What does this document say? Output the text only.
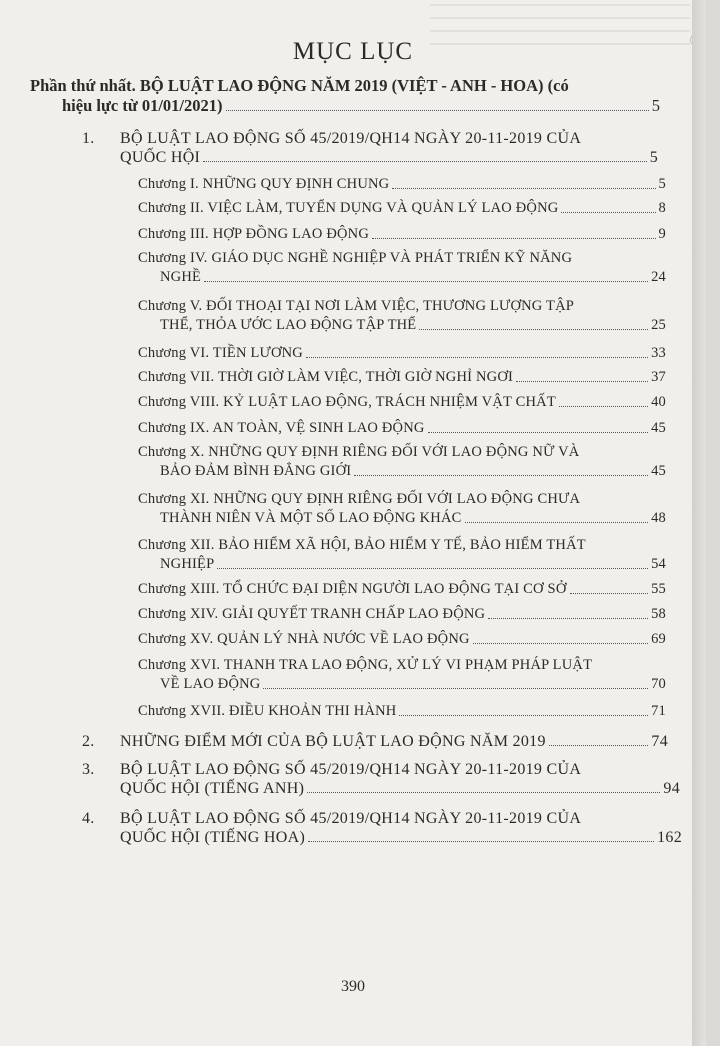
MỤC LỤC
Phần thứ nhất. BỘ LUẬT LAO ĐỘNG NĂM 2019 (VIỆT - ANH - HOA) (có
hiệu lực từ 01/01/2021)	5
1. BỘ LUẬT LAO ĐỘNG SỐ 45/2019/QH14 NGÀY 20-11-2019 CỦA
QUỐC HỘI	5
Chương I. NHỮNG QUY ĐỊNH CHUNG	5
Chương II. VIỆC LÀM, TUYỂN DỤNG VÀ QUẢN LÝ LAO ĐỘNG	8
Chương III. HỢP ĐỒNG LAO ĐỘNG	9
Chương IV. GIÁO DỤC NGHỀ NGHIỆP VÀ PHÁT TRIỂN KỸ NĂNG
NGHỀ	24
Chương V. ĐỐI THOẠI TẠI NƠI LÀM VIỆC, THƯƠNG LƯỢNG TẬP
THỂ, THỎA ƯỚC LAO ĐỘNG TẬP THỂ	25
Chương VI. TIỀN LƯƠNG	33
Chương VII. THỜI GIỜ LÀM VIỆC, THỜI GIỜ NGHỈ NGƠI	37
Chương VIII. KỶ LUẬT LAO ĐỘNG, TRÁCH NHIỆM VẬT CHẤT	40
Chương IX. AN TOÀN, VỆ SINH LAO ĐỘNG	45
Chương X. NHỮNG QUY ĐỊNH RIÊNG ĐỐI VỚI LAO ĐỘNG NỮ VÀ
BẢO ĐẢM BÌNH ĐẲNG GIỚI	45
Chương XI. NHỮNG QUY ĐỊNH RIÊNG ĐỐI VỚI LAO ĐỘNG CHƯA
THÀNH NIÊN VÀ MỘT SỐ LAO ĐỘNG KHÁC	48
Chương XII. BẢO HIỂM XÃ HỘI, BẢO HIỂM Y TẾ, BẢO HIỂM THẤT
NGHIỆP	54
Chương XIII. TỔ CHỨC ĐẠI DIỆN NGƯỜI LAO ĐỘNG TẠI CƠ SỞ	55
Chương XIV. GIẢI QUYẾT TRANH CHẤP LAO ĐỘNG	58
Chương XV. QUẢN LÝ NHÀ NƯỚC VỀ LAO ĐỘNG	69
Chương XVI. THANH TRA LAO ĐỘNG, XỬ LÝ VI PHẠM PHÁP LUẬT
VỀ LAO ĐỘNG	70
Chương XVII. ĐIỀU KHOẢN THI HÀNH	71
2. NHỮNG ĐIỂM MỚI CỦA BỘ LUẬT LAO ĐỘNG NĂM 2019	74
3. BỘ LUẬT LAO ĐỘNG SỐ 45/2019/QH14 NGÀY 20-11-2019 CỦA
QUỐC HỘI (TIẾNG ANH)	94
4. BỘ LUẬT LAO ĐỘNG SỐ 45/2019/QH14 NGÀY 20-11-2019 CỦA
QUỐC HỘI (TIẾNG HOA)	162
390
